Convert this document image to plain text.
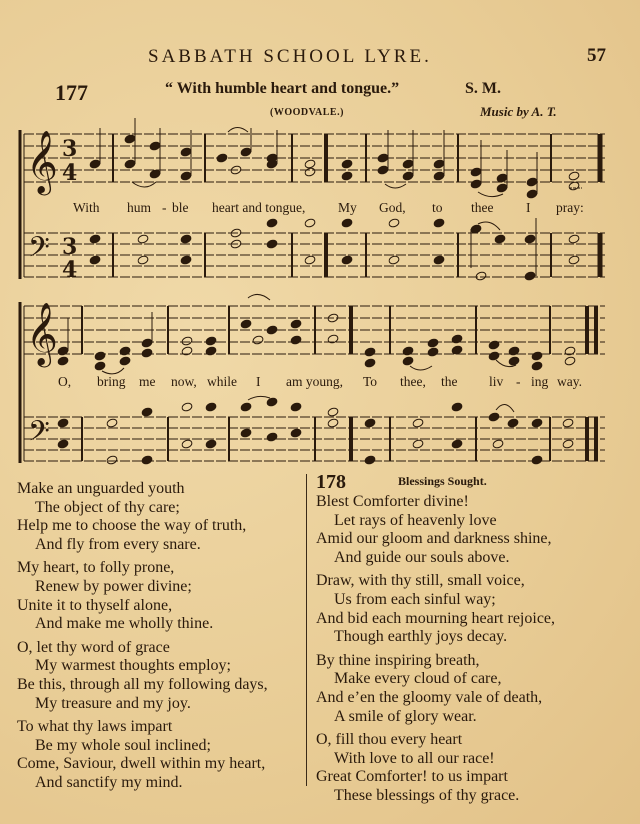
SABBATH SCHOOL LYRE.	57
177	“ With humble heart and tongue.”	S. M.
(WOODVALE.)	Music by A. T.
𝄞 3
4
𝄢 3
4
𝄞
𝄢
With hum - ble heart and tongue, My God, to thee I pray:
O, bring me now, while I am young, To thee, the liv - ing way.
Make an unguarded youth
The object of thy care;
Help me to choose the way of truth,
And fly from every snare.
My heart, to folly prone,
Renew by power divine;
Unite it to thyself alone,
And make me wholly thine.
O, let thy word of grace
My warmest thoughts employ;
Be this, through all my following days,
My treasure and my joy.
To what thy laws impart
Be my whole soul inclined;
Come, Saviour, dwell within my heart,
And sanctify my mind.
178	Blessings Sought.
Blest Comforter divine!
Let rays of heavenly love
Amid our gloom and darkness shine,
And guide our souls above.
Draw, with thy still, small voice,
Us from each sinful way;
And bid each mourning heart rejoice,
Though earthly joys decay.
By thine inspiring breath,
Make every cloud of care,
And e’en the gloomy vale of death,
A smile of glory wear.
O, fill thou every heart
With love to all our race!
Great Comforter! to us impart
These blessings of thy grace.
